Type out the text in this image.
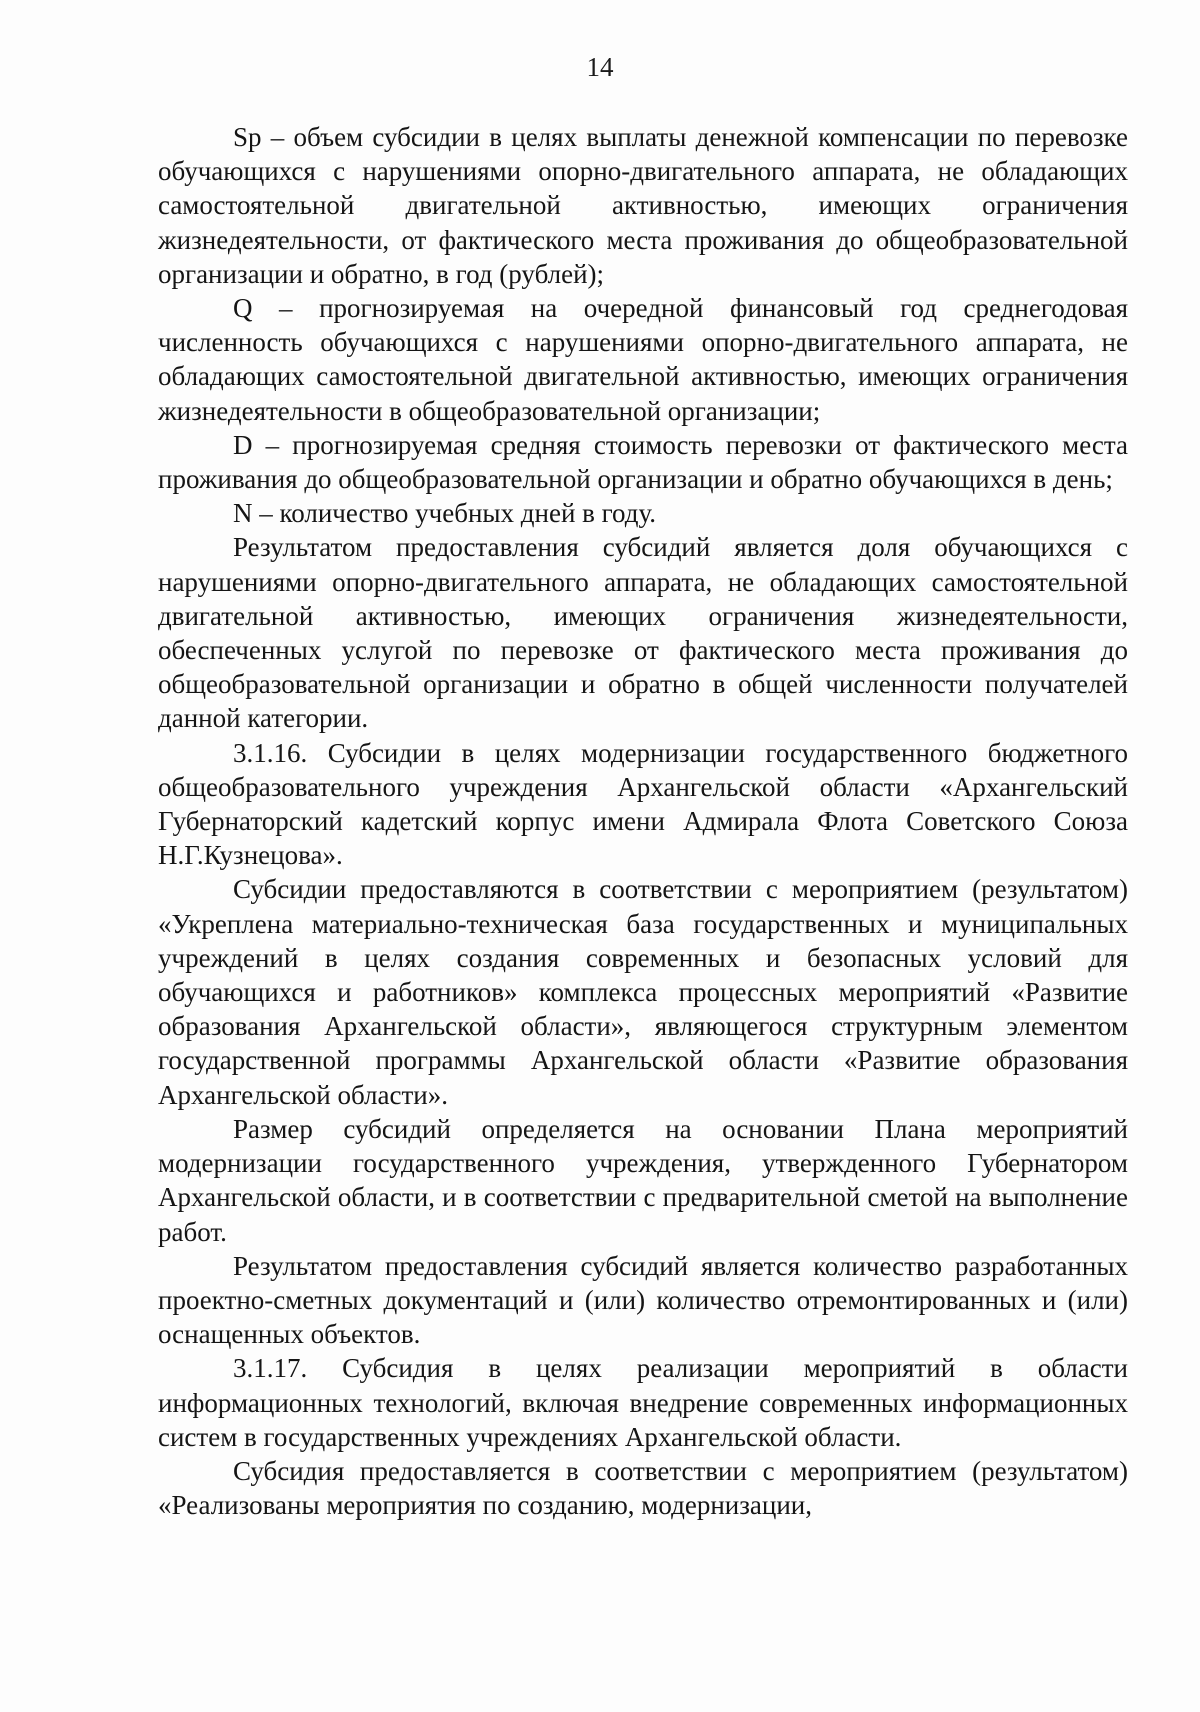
14

Sp – объем субсидии в целях выплаты денежной компенсации по перевозке обучающихся с нарушениями опорно-двигательного аппарата, не обладающих самостоятельной двигательной активностью, имеющих ограничения жизнедеятельности, от фактического места проживания до общеобразовательной организации и обратно, в год (рублей);

Q – прогнозируемая на очередной финансовый год среднегодовая численность обучающихся с нарушениями опорно-двигательного аппарата, не обладающих самостоятельной двигательной активностью, имеющих ограничения жизнедеятельности в общеобразовательной организации;

D – прогнозируемая средняя стоимость перевозки от фактического места проживания до общеобразовательной организации и обратно обучающихся в день;

N – количество учебных дней в году.

Результатом предоставления субсидий является доля обучающихся с нарушениями опорно-двигательного аппарата, не обладающих самостоятельной двигательной активностью, имеющих ограничения жизнедеятельности, обеспеченных услугой по перевозке от фактического места проживания до общеобразовательной организации и обратно в общей численности получателей данной категории.

3.1.16. Субсидии в целях модернизации государственного бюджетного общеобразовательного учреждения Архангельской области «Архангельский Губернаторский кадетский корпус имени Адмирала Флота Советского Союза Н.Г.Кузнецова».

Субсидии предоставляются в соответствии с мероприятием (результатом) «Укреплена материально-техническая база государственных и муниципальных учреждений в целях создания современных и безопасных условий для обучающихся и работников» комплекса процессных мероприятий «Развитие образования Архангельской области», являющегося структурным элементом государственной программы Архангельской области «Развитие образования Архангельской области».

Размер субсидий определяется на основании Плана мероприятий модернизации государственного учреждения, утвержденного Губернатором Архангельской области, и в соответствии с предварительной сметой на выполнение работ.

Результатом предоставления субсидий является количество разработанных проектно-сметных документаций и (или) количество отремонтированных и (или) оснащенных объектов.

3.1.17. Субсидия в целях реализации мероприятий в области информационных технологий, включая внедрение современных информационных систем в государственных учреждениях Архангельской области.

Субсидия предоставляется в соответствии с мероприятием (результатом) «Реализованы мероприятия по созданию, модернизации,
